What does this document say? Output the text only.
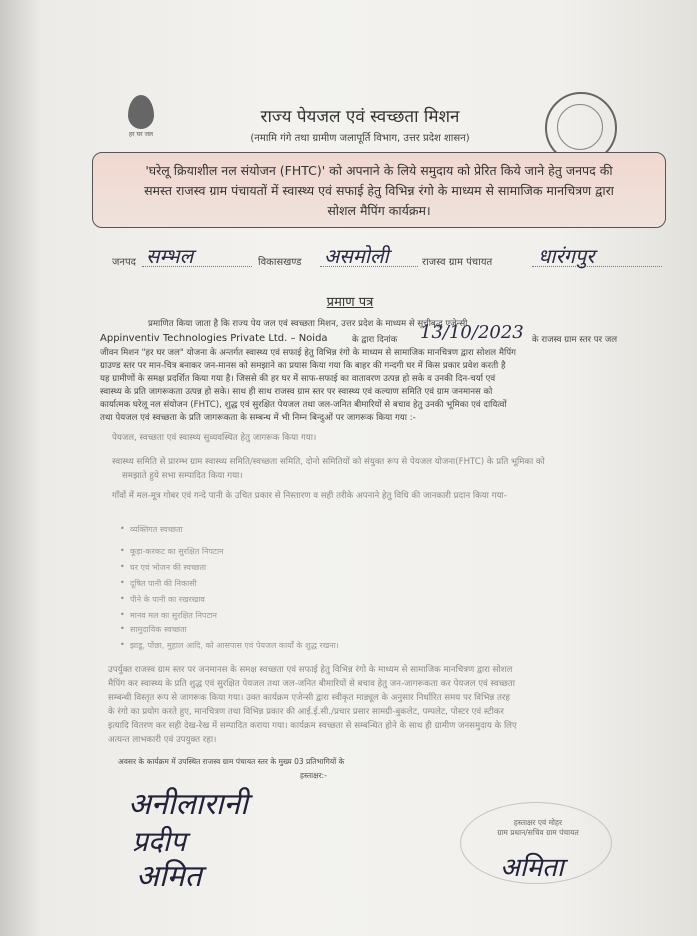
हर घर जल
राज्य पेयजल एवं स्वच्छता मिशन
(नमामि गंगे तथा ग्रामीण जलापूर्ति विभाग, उत्तर प्रदेश शासन)
'घरेलू क्रियाशील नल संयोजन (FHTC)' को अपनाने के लिये समुदाय को प्रेरित किये जाने हेतु जनपद की
समस्त राजस्व ग्राम पंचायतों में स्वास्थ्य एवं सफाई हेतु विभिन्न रंगो के माध्यम से सामाजिक मानचित्रण द्वारा
सोशल मैपिंग कार्यक्रम।
जनपद सम्भल	विकासखण्ड असमोली	राजस्व ग्राम पंचायत धारंगपुर
प्रमाण पत्र
प्रमाणित किया जाता है कि राज्य पेय जल एवं स्वच्छता मिशन, उत्तर प्रदेश के माध्यम से सूचीबद्ध एजेन्सी
Appinventiv Technologies Private Ltd. – Noida	के द्वारा दिनांक 13/10/2023 के राजस्व ग्राम स्तर पर जल
जीवन मिशन "हर घर जल" योजना के अन्तर्गत स्वास्थ्य एवं सफाई हेतु विभिन्न रंगो के माध्यम से सामाजिक मानचित्रण द्वारा सोशल मैपिंग
ग्राउण्ड स्तर पर मान-चित्र बनाकर जन-मानस को समझाने का प्रयास किया गया कि बाहर की गन्दगी घर में किस प्रकार प्रवेश करती है
यह ग्रामीणों के समक्ष प्रदर्शित किया गया है। जिससे की हर घर में साफ-सफाई का वातावरण उत्पन्न हो सके व उनकी दिन-चर्या एवं
स्वास्थ्य के प्रति जागरूकता उत्पन्न हो सके। साथ ही साथ राजस्व ग्राम स्तर पर स्वास्थ्य एवं कल्याण समिति एवं ग्राम जनमानस को
कार्यात्मक घरेलू नल संयोजन (FHTC), शुद्ध एवं सुरक्षित पेयजल तथा जल-जनित बीमारियों से बचाव हेतु उनकी भूमिका एवं दायित्वों
तथा पेयजल एवं स्वच्छता के प्रति जागरूकता के सम्बन्ध में भी निम्न बिन्दुओं पर जागरूक किया गया :-
पेयजल, स्वच्छता एवं स्वास्थ्य सुव्यवस्थित हेतु जागरूक किया गया।
स्वास्थ्य समिति से प्रारम्भ ग्राम स्वास्थ्य समिति/स्वच्छता समिति, दोनो समितियों को संयुक्त रूप से पेयजल योजना(FHTC) के प्रति भूमिका को
समझाते हुये सभा सम्पादित किया गया।
गाँवों में मल-मूत्र गोबर एवं गन्दे पानी के उचित प्रकार से निस्तारण व सही तरीके अपनाने हेतु विधि की जानकारी प्रदान किया गया-
• व्यक्तिगत स्वच्छता
• कूड़ा-करकट का सुरक्षित निपटान
• घर एवं भोजन की स्वच्छता
• दूषित पानी की निकासी
• पीने के पानी का रखरखाव
• मानव मल का सुरक्षित निपटान
• सामुदायिक स्वच्छता
• झाडू, पोंछा, मुहाल आदि, को आसपास एवं पेयजल कार्यों के शुद्ध रखना।
उपर्युक्त राजस्व ग्राम स्तर पर जनमानस के समक्ष स्वच्छता एवं सफाई हेतु विभिन्न रंगो के माध्यम से सामाजिक मानचित्रण द्वारा सोशल
मैपिंग कर स्वास्थ्य के प्रति शुद्ध एवं सुरक्षित पेयजल तथा जल-जनित बीमारियों से बचाव हेतु जन-जागरूकता कर पेयजल एवं स्वच्छता
सम्बन्धी विस्तृत रूप से जागरूक किया गया। उक्त कार्यक्रम एजेन्सी द्वारा स्वीकृत माड्यूल के अनुसार निर्धारित समय पर विभिन्न तरह
के रंगो का प्रयोग करते हुए, मानचित्रण तथा विभिन्न प्रकार की आई.ई.सी./प्रचार प्रसार सामग्री-बुकलेट, पम्पलेट, पोस्टर एवं स्टीकर
इत्यादि वितरण कर सही देख-रेख में सम्पादित कराया गया। कार्यक्रम स्वच्छता से सम्बन्धित होने के साथ ही ग्रामीण जनसमुदाय के लिए
अत्यन्त लाभकारी एवं उपयुक्त रहा।
अवसर के कार्यक्रम में उपस्थित राजस्व ग्राम पंचायत स्तर के मुख्य 03 प्रतिभागियों के
हस्ताक्षर:-
अनीलारानी
प्रदीप
अमित
हस्ताक्षर एवं मोहर
ग्राम प्रधान/सचिव ग्राम पंचायत
अमिता
